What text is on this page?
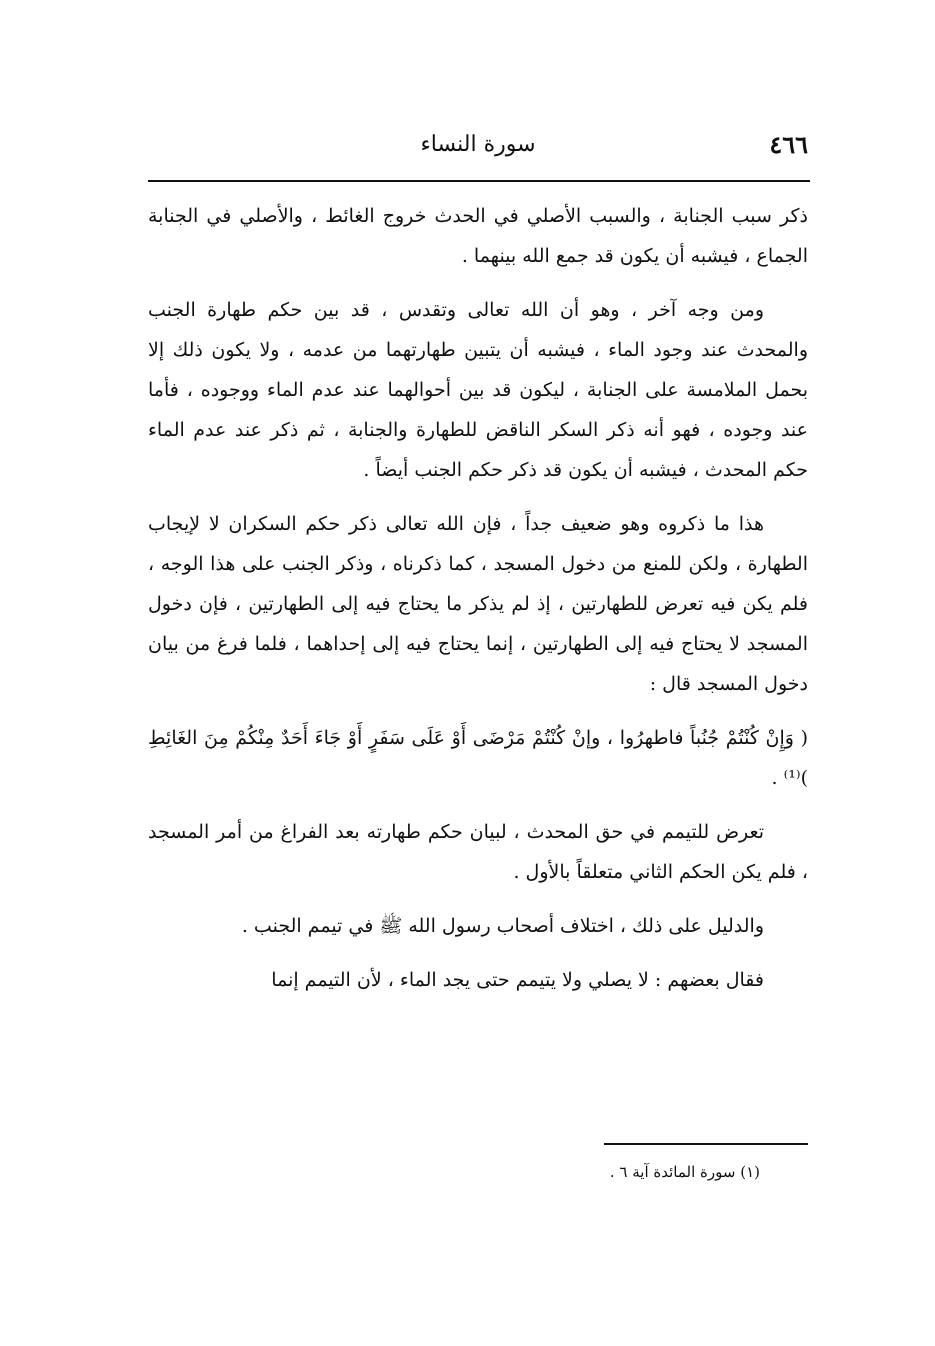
٤٦٦
سورة النساء

ذكر سبب الجنابة ، والسبب الأصلي في الحدث خروج الغائط ، والأصلي في الجنابة الجماع ، فيشبه أن يكون قد جمع الله بينهما .

ومن وجه آخر ، وهو أن الله تعالى وتقدس ، قد بين حكم طهارة الجنب والمحدث عند وجود الماء ، فيشبه أن يتبين طهارتهما من عدمه ، ولا يكون ذلك إلا بحمل الملامسة على الجنابة ، ليكون قد بين أحوالهما عند عدم الماء ووجوده ، فأما عند وجوده ، فهو أنه ذكر السكر الناقض للطهارة والجنابة ، ثم ذكر عند عدم الماء حكم المحدث ، فيشبه أن يكون قد ذكر حكم الجنب أيضاً .

هذا ما ذكروه وهو ضعيف جداً ، فإن الله تعالى ذكر حكم السكران لا لإيجاب الطهارة ، ولكن للمنع من دخول المسجد ، كما ذكرناه ، وذكر الجنب على هذا الوجه ، فلم يكن فيه تعرض للطهارتين ، إذ لم يذكر ما يحتاج فيه إلى الطهارتين ، فإن دخول المسجد لا يحتاج فيه إلى الطهارتين ، إنما يحتاج فيه إلى إحداهما ، فلما فرغ من بيان دخول المسجد قال :

( وَإِنْ كُنْتُمْ جُنُباً فاطهرُوا ، وإنْ كُنْتُمْ مَرْضَى أَوْ عَلَى سَفَرٍ أَوْ جَاءَ أَحَدٌ مِنْكُمْ مِنَ الغَائِطِ )⁽¹⁾ .

تعرض للتيمم في حق المحدث ، لبيان حكم طهارته بعد الفراغ من أمر المسجد ، فلم يكن الحكم الثاني متعلقاً بالأول .

والدليل على ذلك ، اختلاف أصحاب رسول الله ﷺ في تيمم الجنب .

فقال بعضهم : لا يصلي ولا يتيمم حتى يجد الماء ، لأن التيمم إنما

(١) سورة المائدة آية ٦ .
